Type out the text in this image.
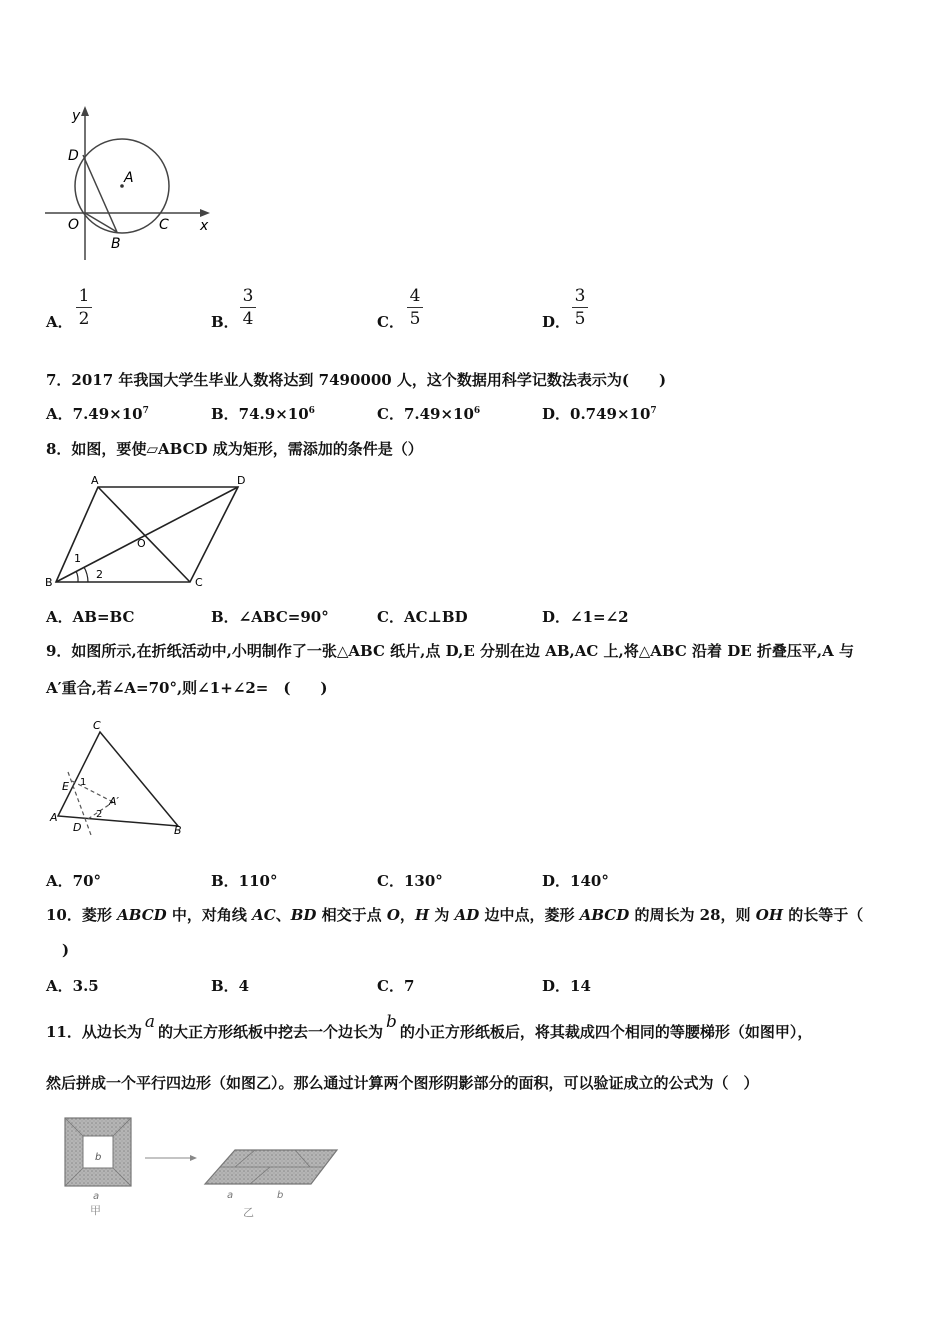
y
D
A
O
B
C x
A．
1
2	B．
3
4	C．
4
5	D．
3
5
7．2017 年我国大学生毕业人数将达到 7490000 人，这个数据用科学记数法表示为(　　)
A．$7.49\times 10^7$	B．$74.9\times 10^6$	C．$7.49\times 10^6$	D．$0.749\times 10^7$
8．如图，要使▱ABCD 成为矩形，需添加的条件是（）
A	D
O
B	C
1
2
A．AB=BC	B．∠ABC=90°	C．AC⊥BD	D．∠1=∠2
9．如图所示,在折纸活动中,小明制作了一张△ABC 纸片,点 D,E 分别在边 AB,AC 上,将△ABC 沿着 DE 折叠压平,A 与
A′重合,若∠A=70°,则∠1+∠2=　(　　)
C
E 1
A′
2
A
D	B
A．70°	B．110°	C．130°	D．140°
10．菱形 ABCD 中，对角线 AC、BD 相交于点 O，H 为 AD 边中点，菱形 ABCD 的周长为 28，则 OH 的长等于（
)
A．3.5	B．4	C．7	D．14
11．从边长为 a 的大正方形纸板中挖去一个边长为 b 的小正方形纸板后，将其裁成四个相同的等腰梯形（如图甲），
然后拼成一个平行四边形（如图乙）。那么通过计算两个图形阴影部分的面积，可以验证成立的公式为（　）
b
a
甲
a	b
乙
